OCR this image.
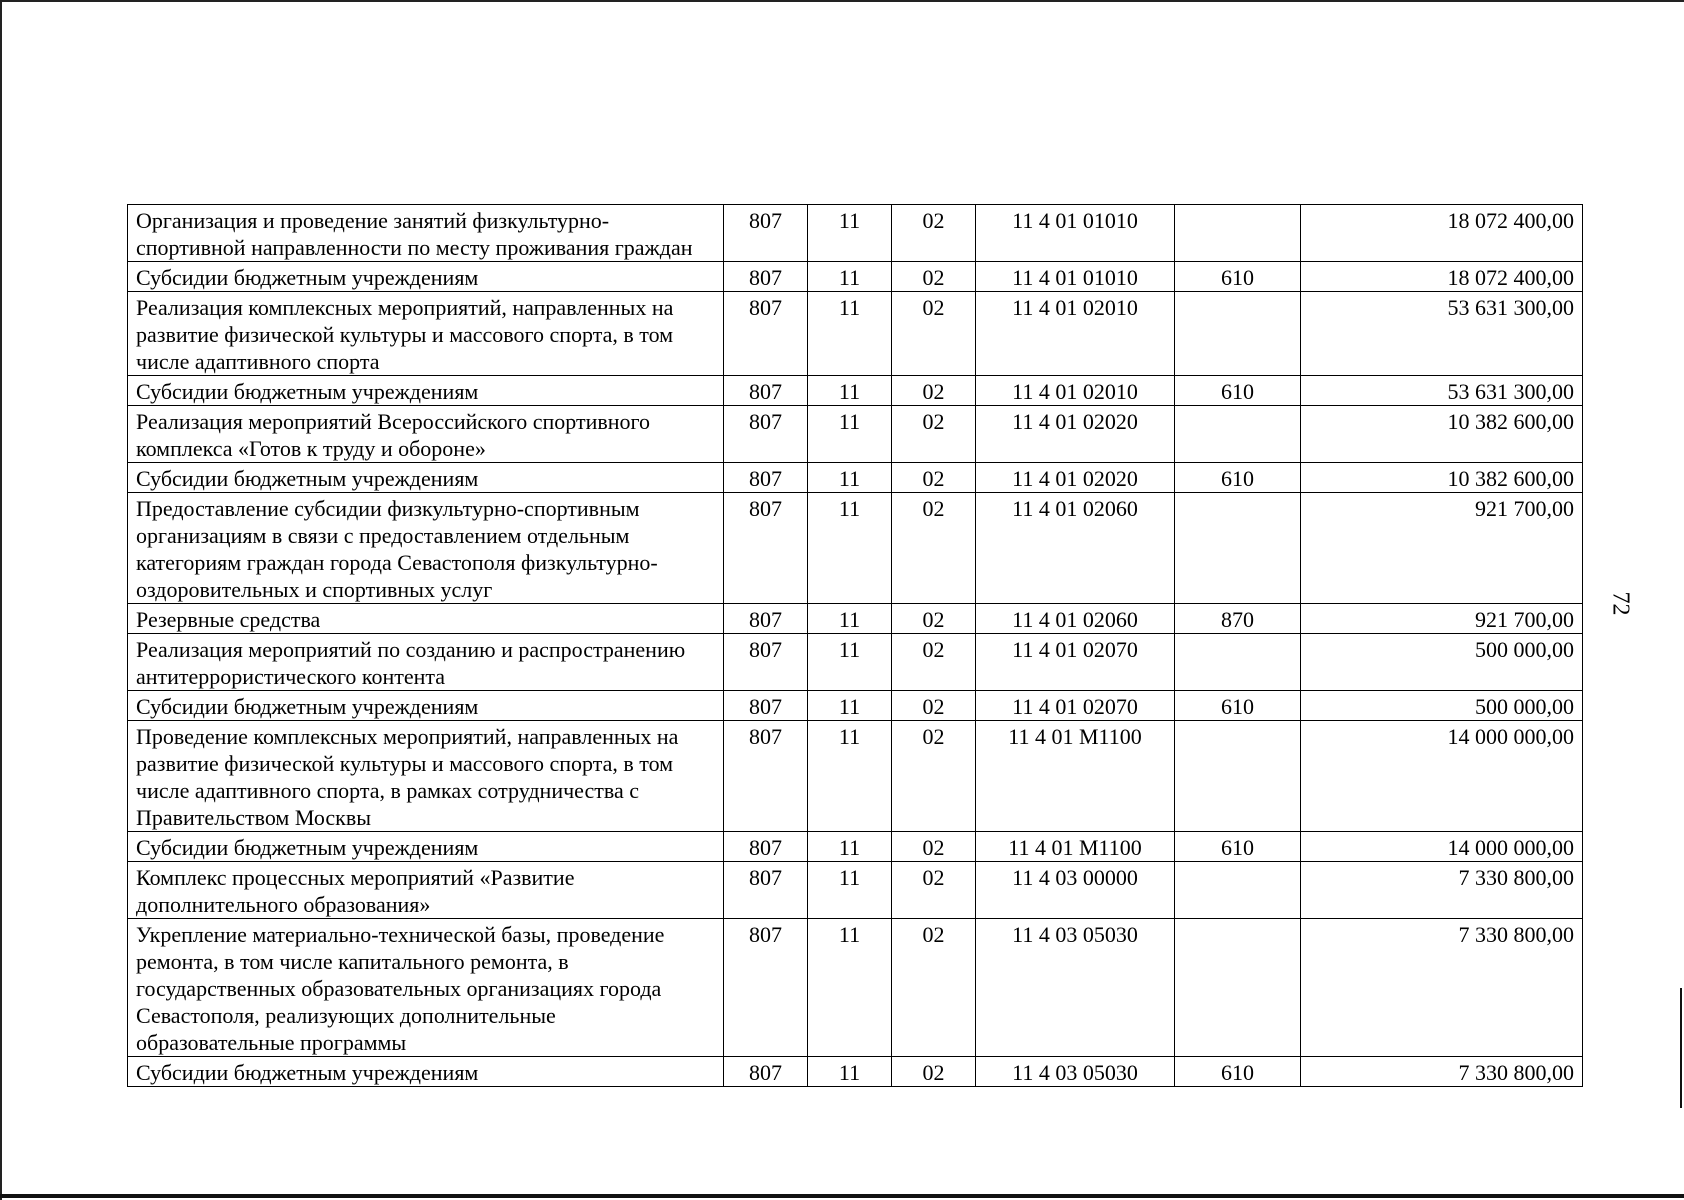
72
Организация и проведение занятий физкультурно-спортивной направленности по месту проживания граждан	807	11	02	11 4 01 01010		18 072 400,00
Субсидии бюджетным учреждениям	807	11	02	11 4 01 01010	610	18 072 400,00
Реализация комплексных мероприятий, направленных на развитие физической культуры и массового спорта, в том числе адаптивного спорта	807	11	02	11 4 01 02010		53 631 300,00
Субсидии бюджетным учреждениям	807	11	02	11 4 01 02010	610	53 631 300,00
Реализация мероприятий Всероссийского спортивного комплекса «Готов к труду и обороне»	807	11	02	11 4 01 02020		10 382 600,00
Субсидии бюджетным учреждениям	807	11	02	11 4 01 02020	610	10 382 600,00
Предоставление субсидии физкультурно-спортивным организациям в связи с предоставлением отдельным категориям граждан города Севастополя физкультурно-оздоровительных и спортивных услуг	807	11	02	11 4 01 02060		921 700,00
Резервные средства	807	11	02	11 4 01 02060	870	921 700,00
Реализация мероприятий по созданию и распространению антитеррористического контента	807	11	02	11 4 01 02070		500 000,00
Субсидии бюджетным учреждениям	807	11	02	11 4 01 02070	610	500 000,00
Проведение комплексных мероприятий, направленных на развитие физической культуры и массового спорта, в том числе адаптивного спорта, в рамках сотрудничества с Правительством Москвы	807	11	02	11 4 01 М1100		14 000 000,00
Субсидии бюджетным учреждениям	807	11	02	11 4 01 М1100	610	14 000 000,00
Комплекс процессных мероприятий «Развитие дополнительного образования»	807	11	02	11 4 03 00000		7 330 800,00
Укрепление материально-технической базы, проведение ремонта, в том числе капитального ремонта, в государственных образовательных организациях города Севастополя, реализующих дополнительные образовательные программы	807	11	02	11 4 03 05030		7 330 800,00
Субсидии бюджетным учреждениям	807	11	02	11 4 03 05030	610	7 330 800,00
